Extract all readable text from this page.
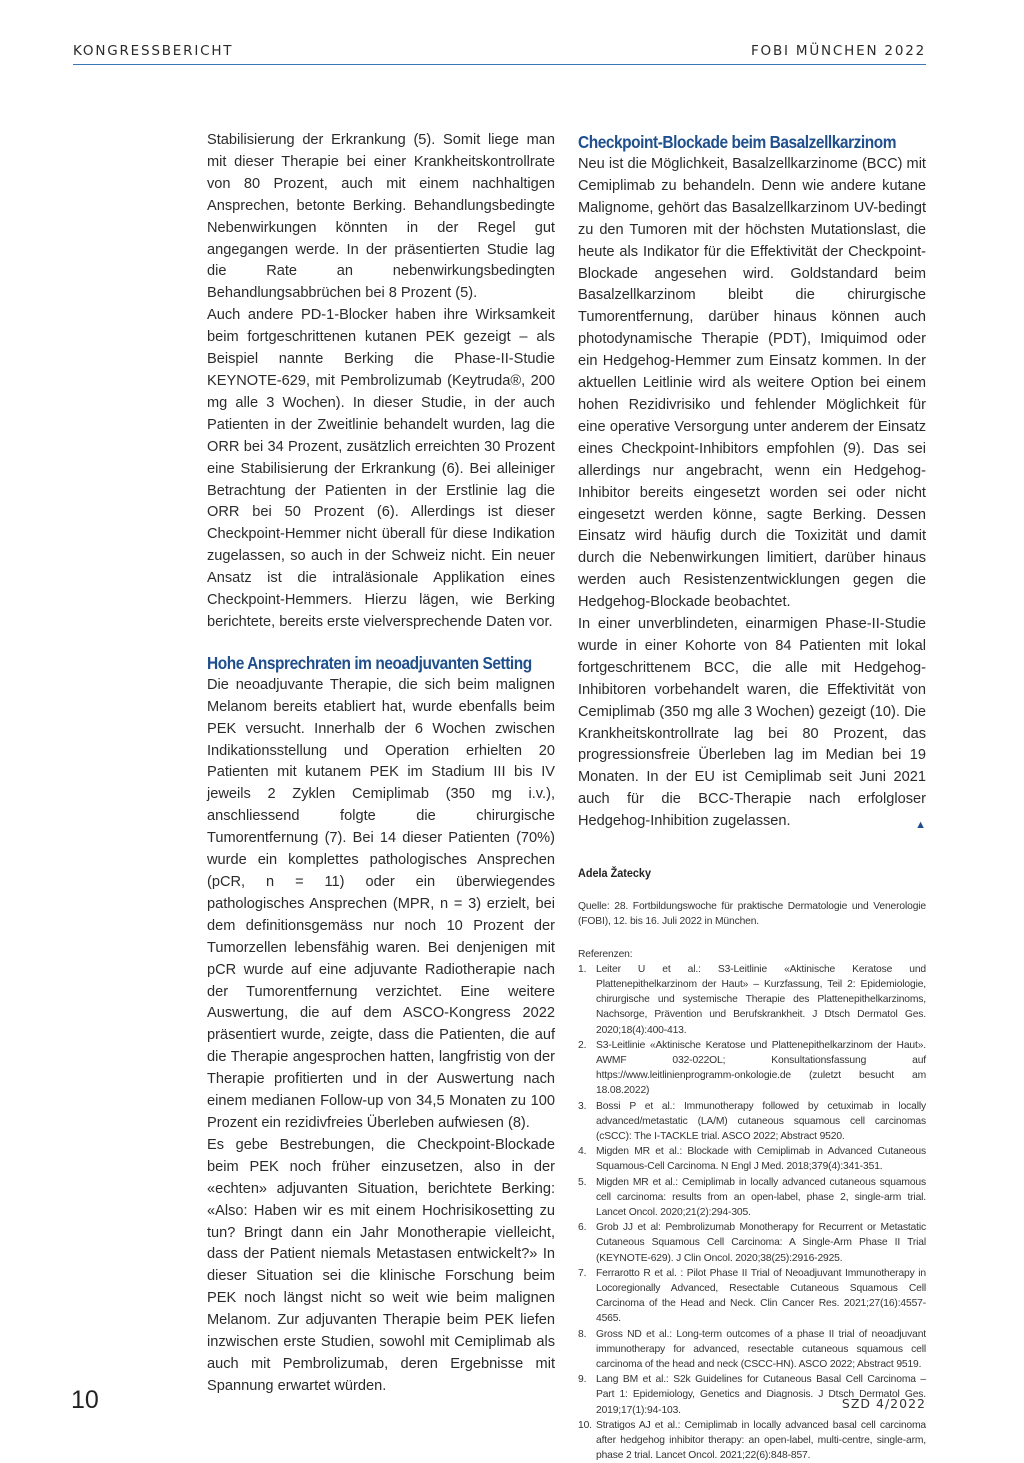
KONGRESSBERICHT	FOBI MÜNCHEN 2022

Stabilisierung der Erkrankung (5). Somit liege man mit dieser Therapie bei einer Krankheitskontrollrate von 80 Prozent, auch mit einem nachhaltigen Ansprechen, betonte Berking. Behandlungsbedingte Nebenwirkungen könnten in der Regel gut angegangen werde. In der präsentierten Studie lag die Rate an nebenwirkungsbedingten Behandlungsabbrüchen bei 8 Prozent (5).

Auch andere PD-1-Blocker haben ihre Wirksamkeit beim fortgeschrittenen kutanen PEK gezeigt – als Beispiel nannte Berking die Phase-II-Studie KEYNOTE-629, mit Pembrolizumab (Keytruda®, 200 mg alle 3 Wochen). In dieser Studie, in der auch Patienten in der Zweitlinie behandelt wurden, lag die ORR bei 34 Prozent, zusätzlich erreichten 30 Prozent eine Stabilisierung der Erkrankung (6). Bei alleiniger Betrachtung der Patienten in der Erstlinie lag die ORR bei 50 Prozent (6). Allerdings ist dieser Checkpoint-Hemmer nicht überall für diese Indikation zugelassen, so auch in der Schweiz nicht. Ein neuer Ansatz ist die intraläsionale Applikation eines Checkpoint-Hemmers. Hierzu lägen, wie Berking berichtete, bereits erste vielversprechende Daten vor.

Hohe Ansprechraten im neoadjuvanten Setting

Die neoadjuvante Therapie, die sich beim malignen Melanom bereits etabliert hat, wurde ebenfalls beim PEK versucht. Innerhalb der 6 Wochen zwischen Indikationsstellung und Operation erhielten 20 Patienten mit kutanem PEK im Stadium III bis IV jeweils 2 Zyklen Cemiplimab (350 mg i.v.), anschliessend folgte die chirurgische Tumorentfernung (7). Bei 14 dieser Patienten (70%) wurde ein komplettes pathologisches Ansprechen (pCR, n = 11) oder ein überwiegendes pathologisches Ansprechen (MPR, n = 3) erzielt, bei dem definitionsgemäss nur noch 10 Prozent der Tumorzellen lebensfähig waren. Bei denjenigen mit pCR wurde auf eine adjuvante Radiotherapie nach der Tumorentfernung verzichtet. Eine weitere Auswertung, die auf dem ASCO-Kongress 2022 präsentiert wurde, zeigte, dass die Patienten, die auf die Therapie angesprochen hatten, langfristig von der Therapie profitierten und in der Auswertung nach einem medianen Follow-up von 34,5 Monaten zu 100 Prozent ein rezidivfreies Überleben aufwiesen (8).

Es gebe Bestrebungen, die Checkpoint-Blockade beim PEK noch früher einzusetzen, also in der «echten» adjuvanten Situation, berichtete Berking: «Also: Haben wir es mit einem Hochrisikosetting zu tun? Bringt dann ein Jahr Monotherapie vielleicht, dass der Patient niemals Metastasen entwickelt?» In dieser Situation sei die klinische Forschung beim PEK noch längst nicht so weit wie beim malignen Melanom. Zur adjuvanten Therapie beim PEK liefen inzwischen erste Studien, sowohl mit Cemiplimab als auch mit Pembrolizumab, deren Ergebnisse mit Spannung erwartet würden.

Checkpoint-Blockade beim Basalzellkarzinom

Neu ist die Möglichkeit, Basalzellkarzinome (BCC) mit Cemiplimab zu behandeln. Denn wie andere kutane Malignome, gehört das Basalzellkarzinom UV-bedingt zu den Tumoren mit der höchsten Mutationslast, die heute als Indikator für die Effektivität der Checkpoint-Blockade angesehen wird. Goldstandard beim Basalzellkarzinom bleibt die chirurgische Tumorentfernung, darüber hinaus können auch photodynamische Therapie (PDT), Imiquimod oder ein Hedgehog-Hemmer zum Einsatz kommen. In der aktuellen Leitlinie wird als weitere Option bei einem hohen Rezidivrisiko und fehlender Möglichkeit für eine operative Versorgung unter anderem der Einsatz eines Checkpoint-Inhibitors empfohlen (9). Das sei allerdings nur angebracht, wenn ein Hedgehog-Inhibitor bereits eingesetzt worden sei oder nicht eingesetzt werden könne, sagte Berking. Dessen Einsatz wird häufig durch die Toxizität und damit durch die Nebenwirkungen limitiert, darüber hinaus werden auch Resistenzentwicklungen gegen die Hedgehog-Blockade beobachtet.

In einer unverblindeten, einarmigen Phase-II-Studie wurde in einer Kohorte von 84 Patienten mit lokal fortgeschrittenem BCC, die alle mit Hedgehog-Inhibitoren vorbehandelt waren, die Effektivität von Cemiplimab (350 mg alle 3 Wochen) gezeigt (10). Die Krankheitskontrollrate lag bei 80 Prozent, das progressionsfreie Überleben lag im Median bei 19 Monaten. In der EU ist Cemiplimab seit Juni 2021 auch für die BCC-Therapie nach erfolgloser Hedgehog-Inhibition zugelassen.	▲
Adela Žatecky
Quelle: 28. Fortbildungswoche für praktische Dermatologie und Venerologie (FOBI), 12. bis 16. Juli 2022 in München.
Referenzen:
1. Leiter U et al.: S3-Leitlinie «Aktinische Keratose und Plattenepithelkarzinom der Haut» – Kurzfassung, Teil 2: Epidemiologie, chirurgische und systemische Therapie des Plattenepithelkarzinoms, Nachsorge, Prävention und Berufskrankheit. J Dtsch Dermatol Ges. 2020;18(4):400-413.
2. S3-Leitlinie «Aktinische Keratose und Plattenepithelkarzinom der Haut». AWMF 032-022OL; Konsultationsfassung auf https://www.leitlinienprogramm-onkologie.de (zuletzt besucht am 18.08.2022)
3. Bossi P et al.: Immunotherapy followed by cetuximab in locally advanced/metastatic (LA/M) cutaneous squamous cell carcinomas (cSCC): The I-TACKLE trial. ASCO 2022; Abstract 9520.
4. Migden MR et al.: Blockade with Cemiplimab in Advanced Cutaneous Squamous-Cell Carcinoma. N Engl J Med. 2018;379(4):341-351.
5. Migden MR et al.: Cemiplimab in locally advanced cutaneous squamous cell carcinoma: results from an open-label, phase 2, single-arm trial. Lancet Oncol. 2020;21(2):294-305.
6. Grob JJ et al: Pembrolizumab Monotherapy for Recurrent or Metastatic Cutaneous Squamous Cell Carcinoma: A Single-Arm Phase II Trial (KEYNOTE-629). J Clin Oncol. 2020;38(25):2916-2925.
7. Ferrarotto R et al. : Pilot Phase II Trial of Neoadjuvant Immunotherapy in Locoregionally Advanced, Resectable Cutaneous Squamous Cell Carcinoma of the Head and Neck. Clin Cancer Res. 2021;27(16):4557-4565.
8. Gross ND et al.: Long-term outcomes of a phase II trial of neoadjuvant immunotherapy for advanced, resectable cutaneous squamous cell carcinoma of the head and neck (CSCC-HN). ASCO 2022; Abstract 9519.
9. Lang BM et al.: S2k Guidelines for Cutaneous Basal Cell Carcinoma – Part 1: Epidemiology, Genetics and Diagnosis. J Dtsch Dermatol Ges. 2019;17(1):94-103.
10. Stratigos AJ et al.: Cemiplimab in locally advanced basal cell carcinoma after hedgehog inhibitor therapy: an open-label, multi-centre, single-arm, phase 2 trial. Lancet Oncol. 2021;22(6):848-857.
10	SZD 4/2022
